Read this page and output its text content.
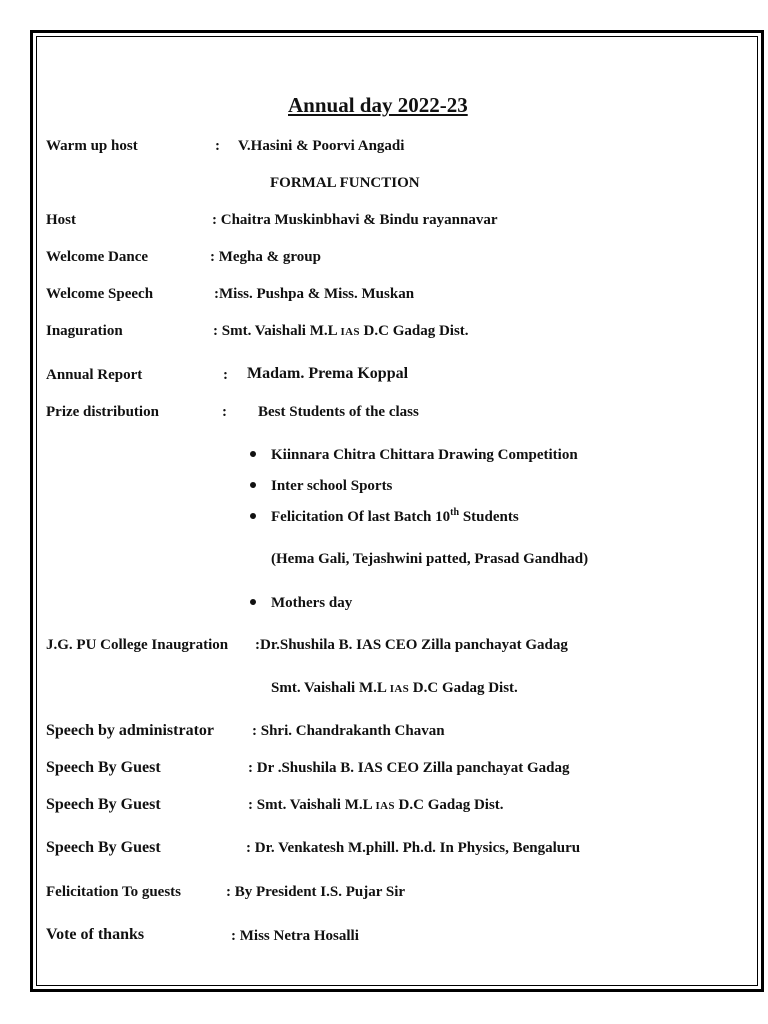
Annual day 2022-23
Warm up host	: V.Hasini & Poorvi Angadi
FORMAL FUNCTION
Host	: Chaitra Muskinbhavi & Bindu rayannavar
Welcome Dance	: Megha & group
Welcome Speech	:Miss. Pushpa & Miss. Muskan
Inaguration	: Smt. Vaishali M.L IAS D.C Gadag Dist.
Annual Report	: Madam. Prema Koppal
Prize distribution	: Best Students of the class
Kiinnara Chitra Chittara Drawing Competition
Inter school Sports
Felicitation Of last Batch 10th Students
(Hema Gali, Tejashwini patted, Prasad Gandhad)
Mothers day
J.G. PU College Inaugration :Dr.Shushila B. IAS CEO Zilla panchayat Gadag
Smt. Vaishali M.L IAS D.C Gadag Dist.
Speech by administrator	: Shri. Chandrakanth Chavan
Speech By Guest	: Dr .Shushila B. IAS CEO Zilla panchayat Gadag
Speech By Guest	: Smt. Vaishali M.L IAS D.C Gadag Dist.
Speech By Guest	: Dr. Venkatesh M.phill. Ph.d. In Physics, Bengaluru
Felicitation To guests	: By President I.S. Pujar Sir
Vote of thanks	: Miss Netra Hosalli
